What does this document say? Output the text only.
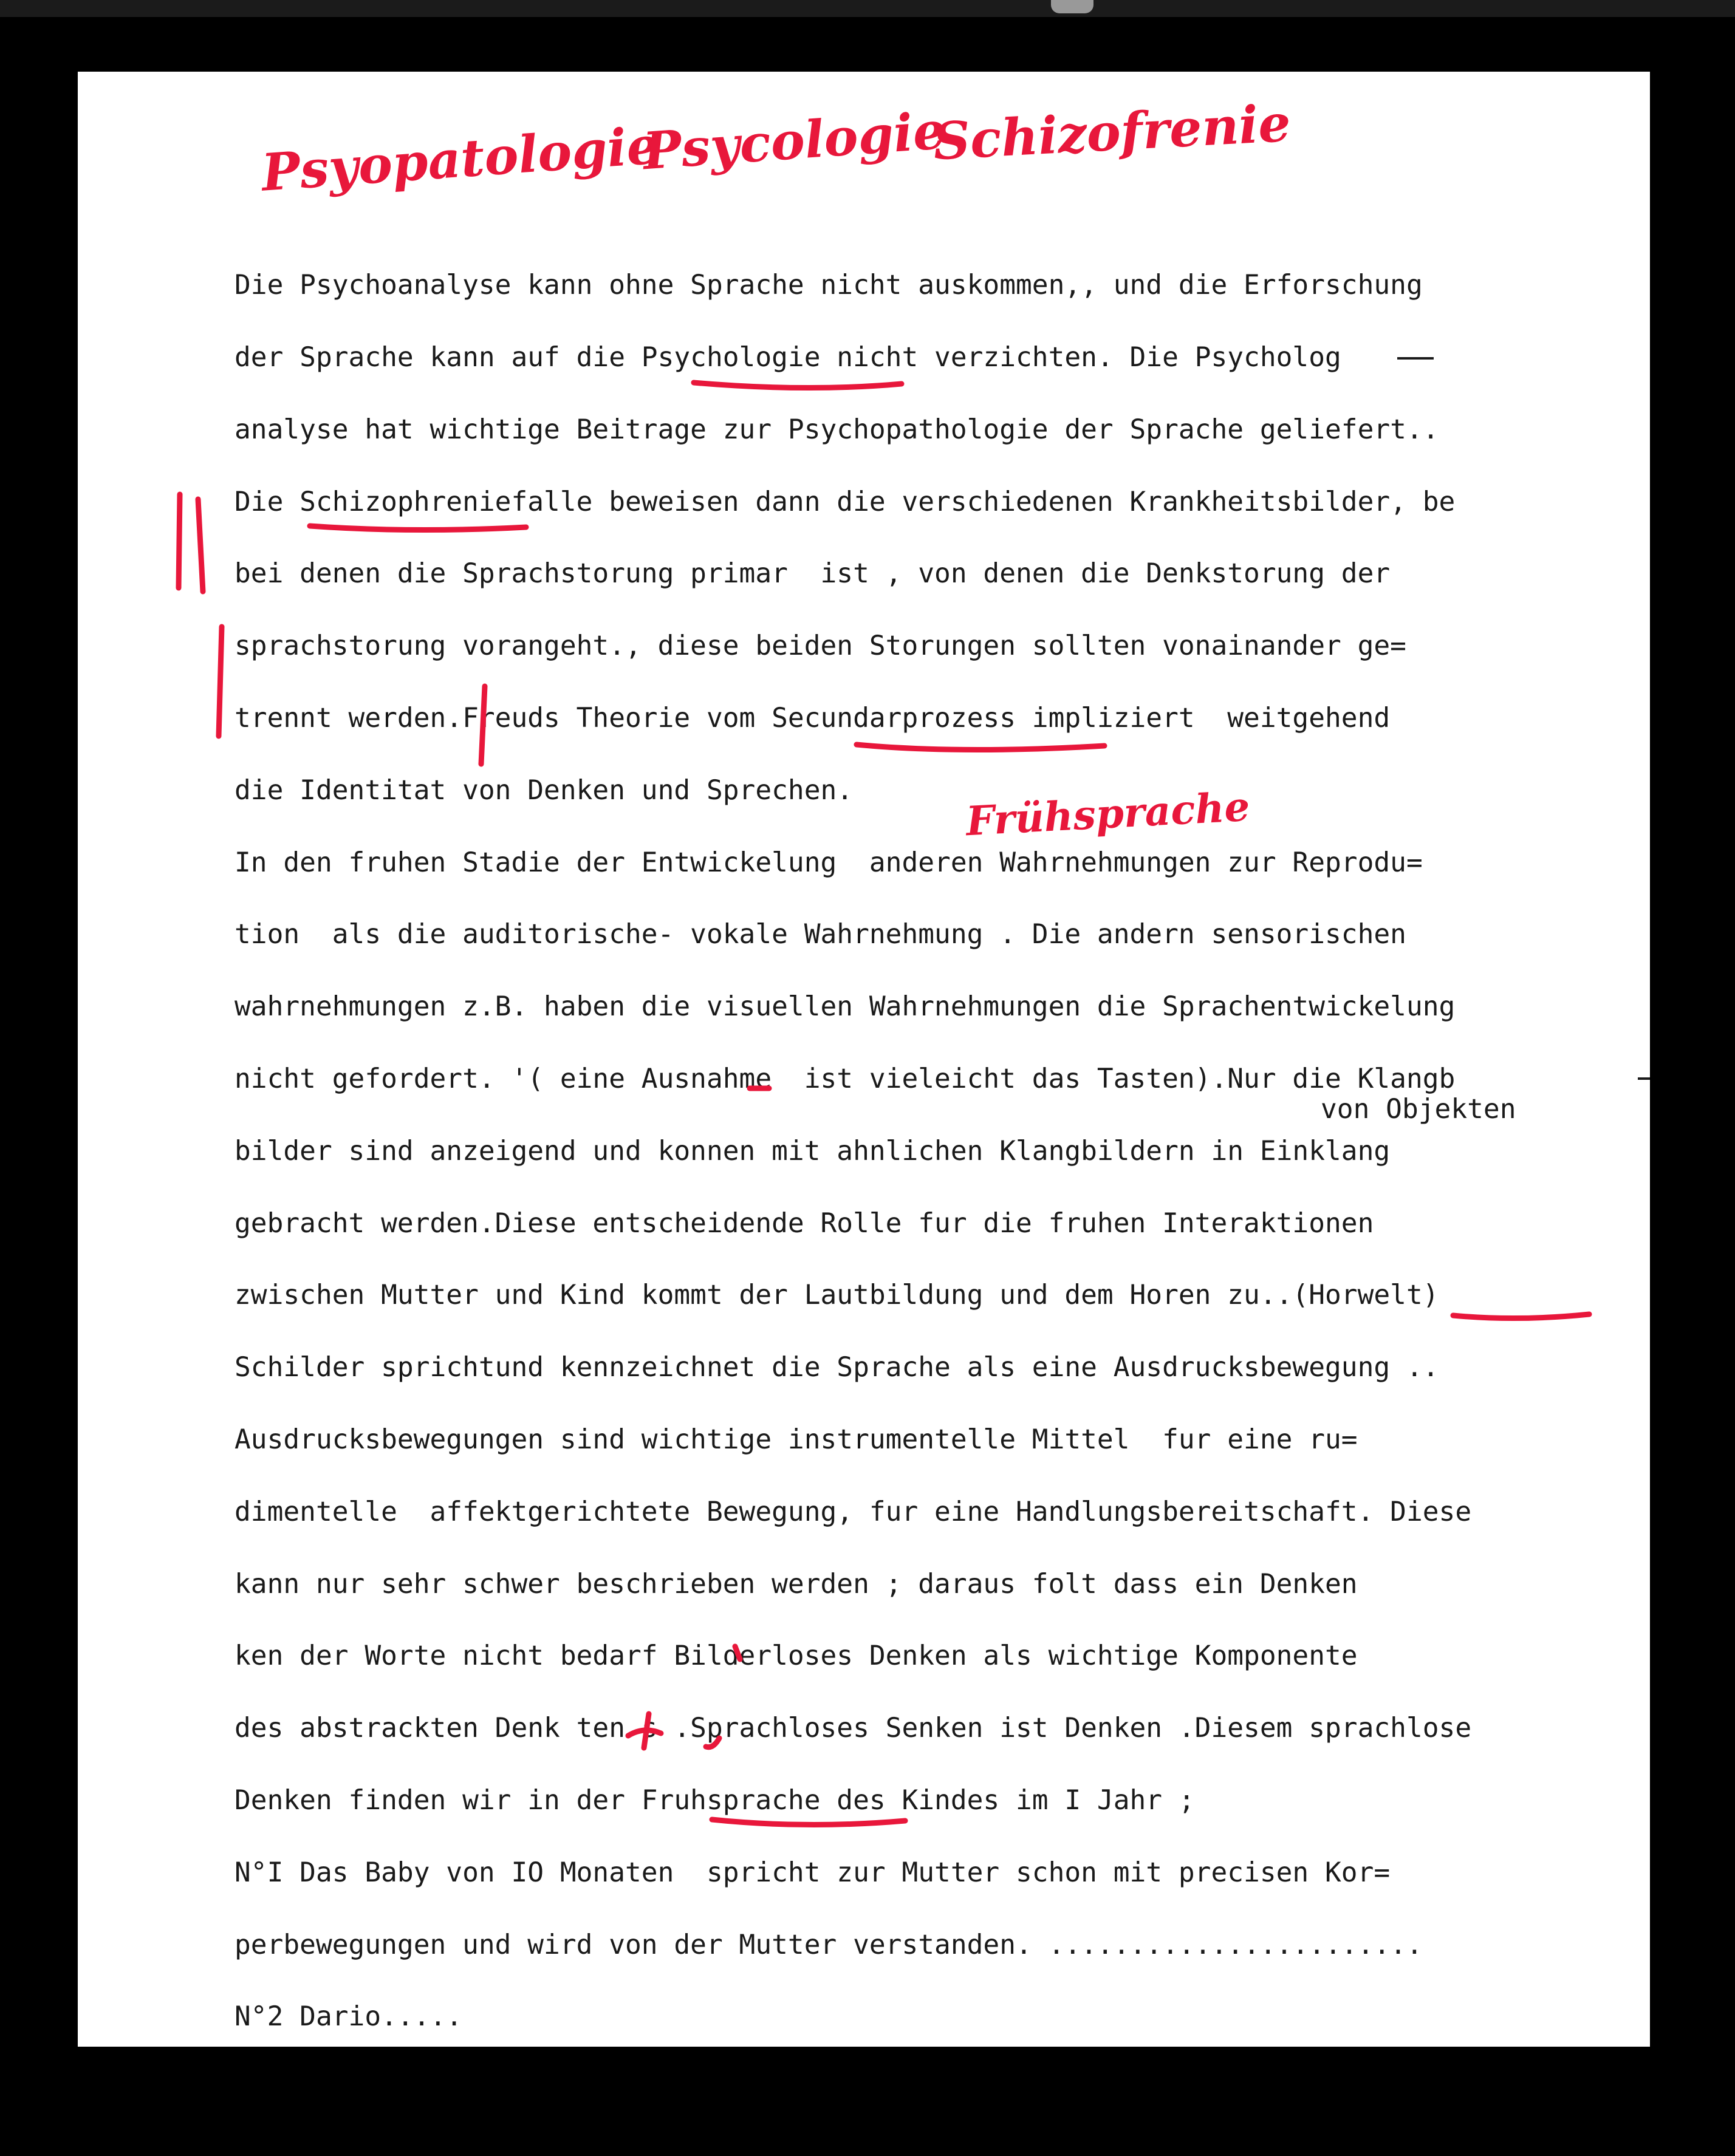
Psyopatologie
Psycologie
Schizofrenie
Frühsprache
Die Psychoanalyse kann ohne Sprache nicht auskommen,, und die Erforschung
der Sprache kann auf die Psychologie nicht verzichten. Die Psycholog
analyse hat wichtige Beitrage zur Psychopathologie der Sprache geliefert..
Die Schizophreniefalle beweisen dann die verschiedenen Krankheitsbilder, be
bei denen die Sprachstorung primar  ist , von denen die Denkstorung der
sprachstorung vorangeht., diese beiden Storungen sollten vonainander ge=
trennt werden.Freuds Theorie vom Secundarprozess impliziert  weitgehend
die Identitat von Denken und Sprechen.
In den fruhen Stadie der Entwickelung  anderen Wahrnehmungen zur Reprodu=
tion  als die auditorische- vokale Wahrnehmung . Die andern sensorischen
wahrnehmungen z.B. haben die visuellen Wahrnehmungen die Sprachentwickelung
nicht gefordert. '( eine Ausnahme  ist vieleicht das Tasten).Nur die Klangb
von Objekten
bilder sind anzeigend und konnen mit ahnlichen Klangbildern in Einklang
gebracht werden.Diese entscheidende Rolle fur die fruhen Interaktionen
zwischen Mutter und Kind kommt der Lautbildung und dem Horen zu..(Horwelt)
Schilder sprichtund kennzeichnet die Sprache als eine Ausdrucksbewegung ..
Ausdrucksbewegungen sind wichtige instrumentelle Mittel  fur eine ru=
dimentelle  affektgerichtete Bewegung, fur eine Handlungsbereitschaft. Diese
kann nur sehr schwer beschrieben werden ; daraus folt dass ein Denken
ken der Worte nicht bedarf Bilderloses Denken als wichtige Komponente
des abstrackten Denk ten s .Sprachloses Senken ist Denken .Diesem sprachlose
Denken finden wir in der Fruhsprache des Kindes im I Jahr ;
N°I Das Baby von IO Monaten  spricht zur Mutter schon mit precisen Kor=
perbewegungen und wird von der Mutter verstanden. .......................
N°2 Dario.....
